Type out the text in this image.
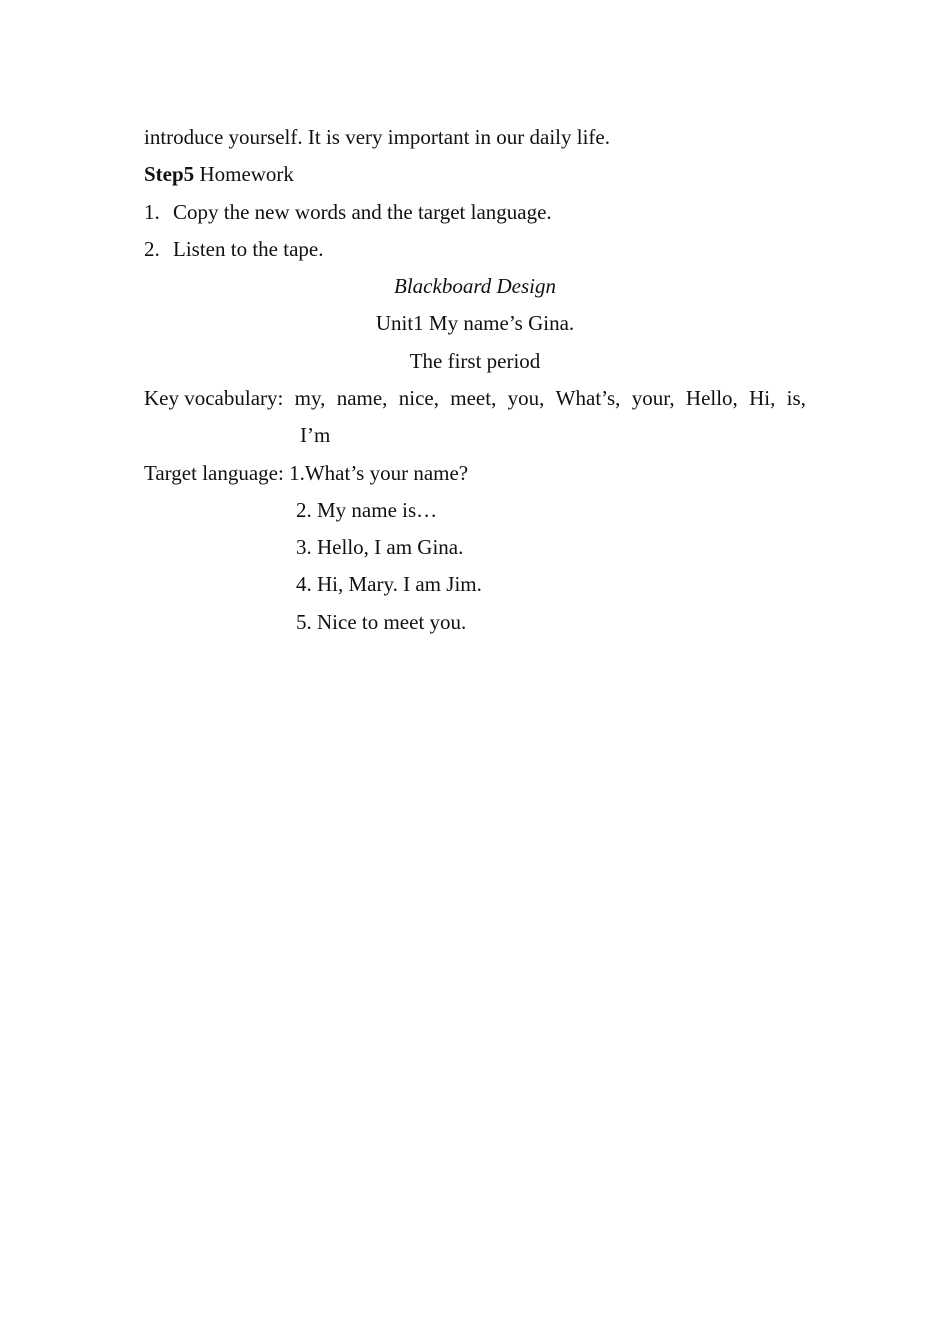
introduce yourself. It is very important in our daily life.
Step5 Homework
1. Copy the new words and the target language.
2. Listen to the tape.
Blackboard Design
Unit1 My name’s Gina.
The first period
Key vocabulary: my, name, nice, meet, you, What’s, your, Hello, Hi, is,
I’m
Target language: 1.What’s your name?
2. My name is…
3. Hello, I am Gina.
4. Hi, Mary. I am Jim.
5. Nice to meet you.
